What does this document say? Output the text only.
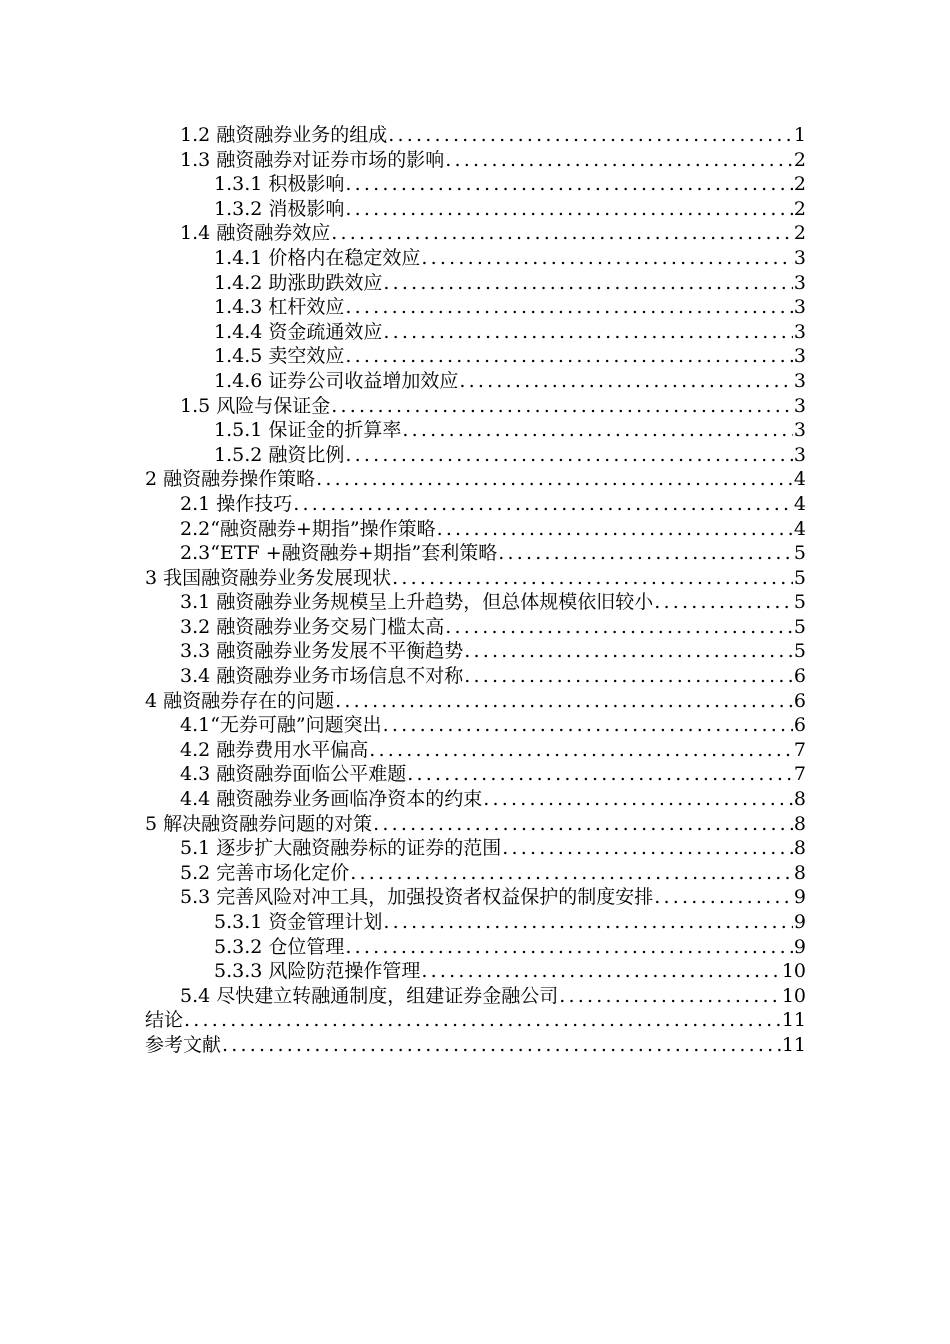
1.2 融资融券业务的组成 .....	1
1.3 融资融券对证券市场的影响 .....	2
1.3.1 积极影响 .....	2
1.3.2 消极影响 .....	2
1.4 融资融券效应 .....	2
1.4.1 价格内在稳定效应 .....	3
1.4.2 助涨助跌效应 .....	3
1.4.3 杠杆效应 .....	3
1.4.4 资金疏通效应 .....	3
1.4.5 卖空效应 .....	3
1.4.6 证券公司收益增加效应 .....	3
1.5 风险与保证金 .....	3
1.5.1 保证金的折算率 .....	3
1.5.2 融资比例 .....	3
2 融资融券操作策略 .....	4
2.1 操作技巧 .....	4
2.2“融资融券+期指”操作策略 .....	4
2.3“ETF +融资融券+期指”套利策略 .....	5
3 我国融资融券业务发展现状 .....	5
3.1 融资融券业务规模呈上升趋势，但总体规模依旧较小 .....	5
3.2 融资融券业务交易门槛太高 .....	5
3.3 融资融券业务发展不平衡趋势 .....	5
3.4 融资融券业务市场信息不对称 .....	6
4 融资融券存在的问题 .....	6
4.1“无券可融”问题突出 .....	6
4.2 融券费用水平偏高 .....	7
4.3 融资融券面临公平难题 .....	7
4.4 融资融券业务画临净资本的约束 .....	8
5 解决融资融券问题的对策 .....	8
5.1 逐步扩大融资融券标的证券的范围 .....	8
5.2 完善市场化定价 .....	8
5.3 完善风险对冲工具，加强投资者权益保护的制度安排 .....	9
5.3.1 资金管理计划 .....	9
5.3.2 仓位管理 .....	9
5.3.3 风险防范操作管理 .....	10
5.4 尽快建立转融通制度，组建证券金融公司 .....	10
结论 .....	11
参考文献 .....	11
